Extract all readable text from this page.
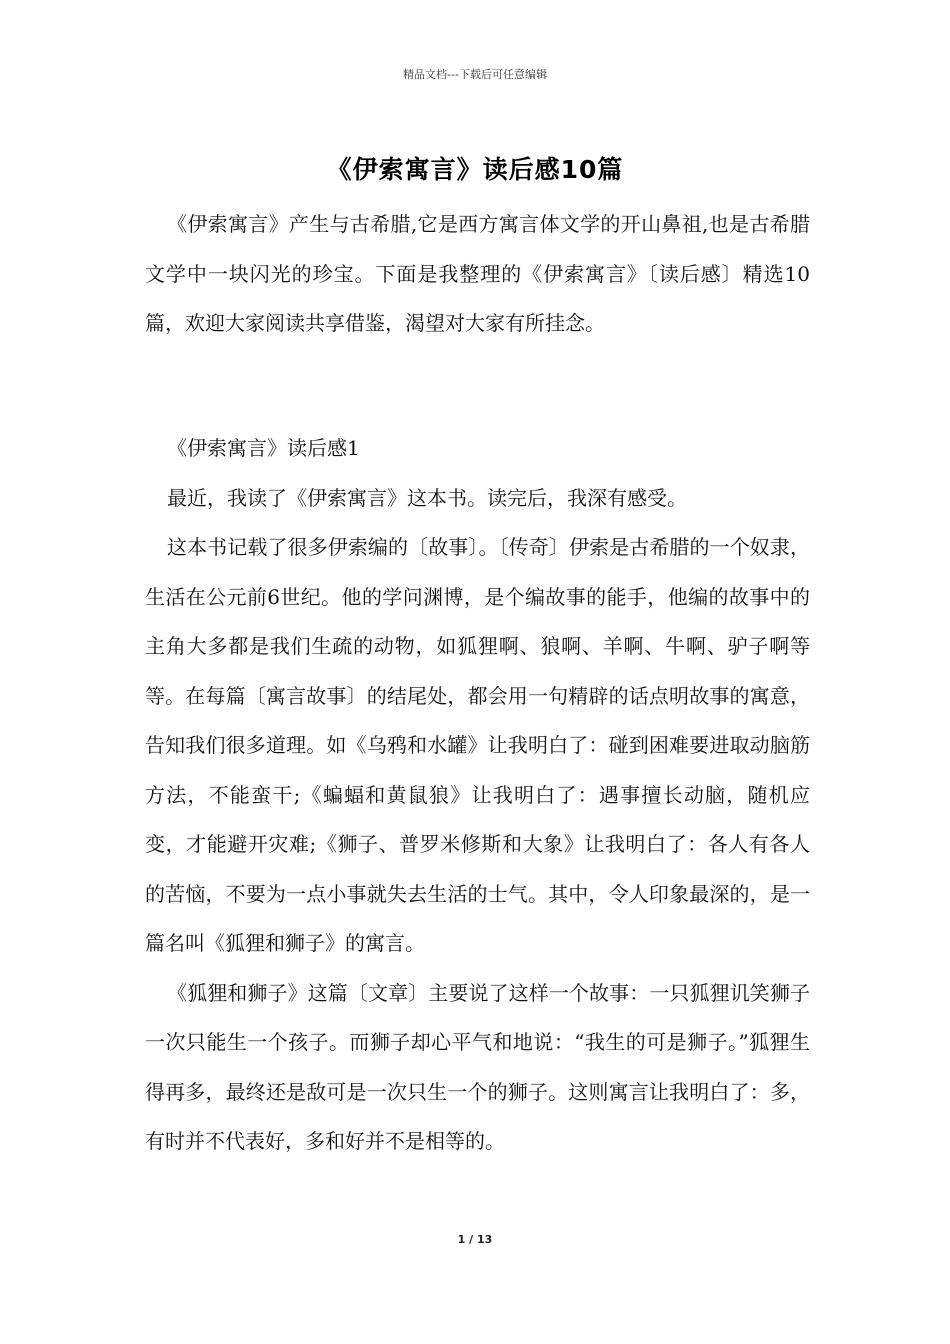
精品文档---下载后可任意编辑
《伊索寓言》读后感10篇

《伊索寓言》产生与古希腊,它是西方寓言体文学的开山鼻祖,也是古希腊文学中一块闪光的珍宝。下面是我整理的《伊索寓言》〔读后感〕精选10篇，欢迎大家阅读共享借鉴，渴望对大家有所挂念。

《伊索寓言》读后感1

最近，我读了《伊索寓言》这本书。读完后，我深有感受。

这本书记载了很多伊索编的〔故事〕。〔传奇〕伊索是古希腊的一个奴隶，生活在公元前6世纪。他的学问渊博，是个编故事的能手，他编的故事中的主角大多都是我们生疏的动物，如狐狸啊、狼啊、羊啊、牛啊、驴子啊等等。在每篇〔寓言故事〕的结尾处，都会用一句精辟的话点明故事的寓意，告知我们很多道理。如《乌鸦和水罐》让我明白了：碰到困难要进取动脑筋方法，不能蛮干;《蝙蝠和黄鼠狼》让我明白了：遇事擅长动脑，随机应变，才能避开灾难;《狮子、普罗米修斯和大象》让我明白了：各人有各人的苦恼，不要为一点小事就失去生活的士气。其中，令人印象最深的，是一篇名叫《狐狸和狮子》的寓言。

《狐狸和狮子》这篇〔文章〕主要说了这样一个故事：一只狐狸讥笑狮子一次只能生一个孩子。而狮子却心平气和地说：“我生的可是狮子。”狐狸生得再多，最终还是敌可是一次只生一个的狮子。这则寓言让我明白了：多，有时并不代表好，多和好并不是相等的。

1 / 13
